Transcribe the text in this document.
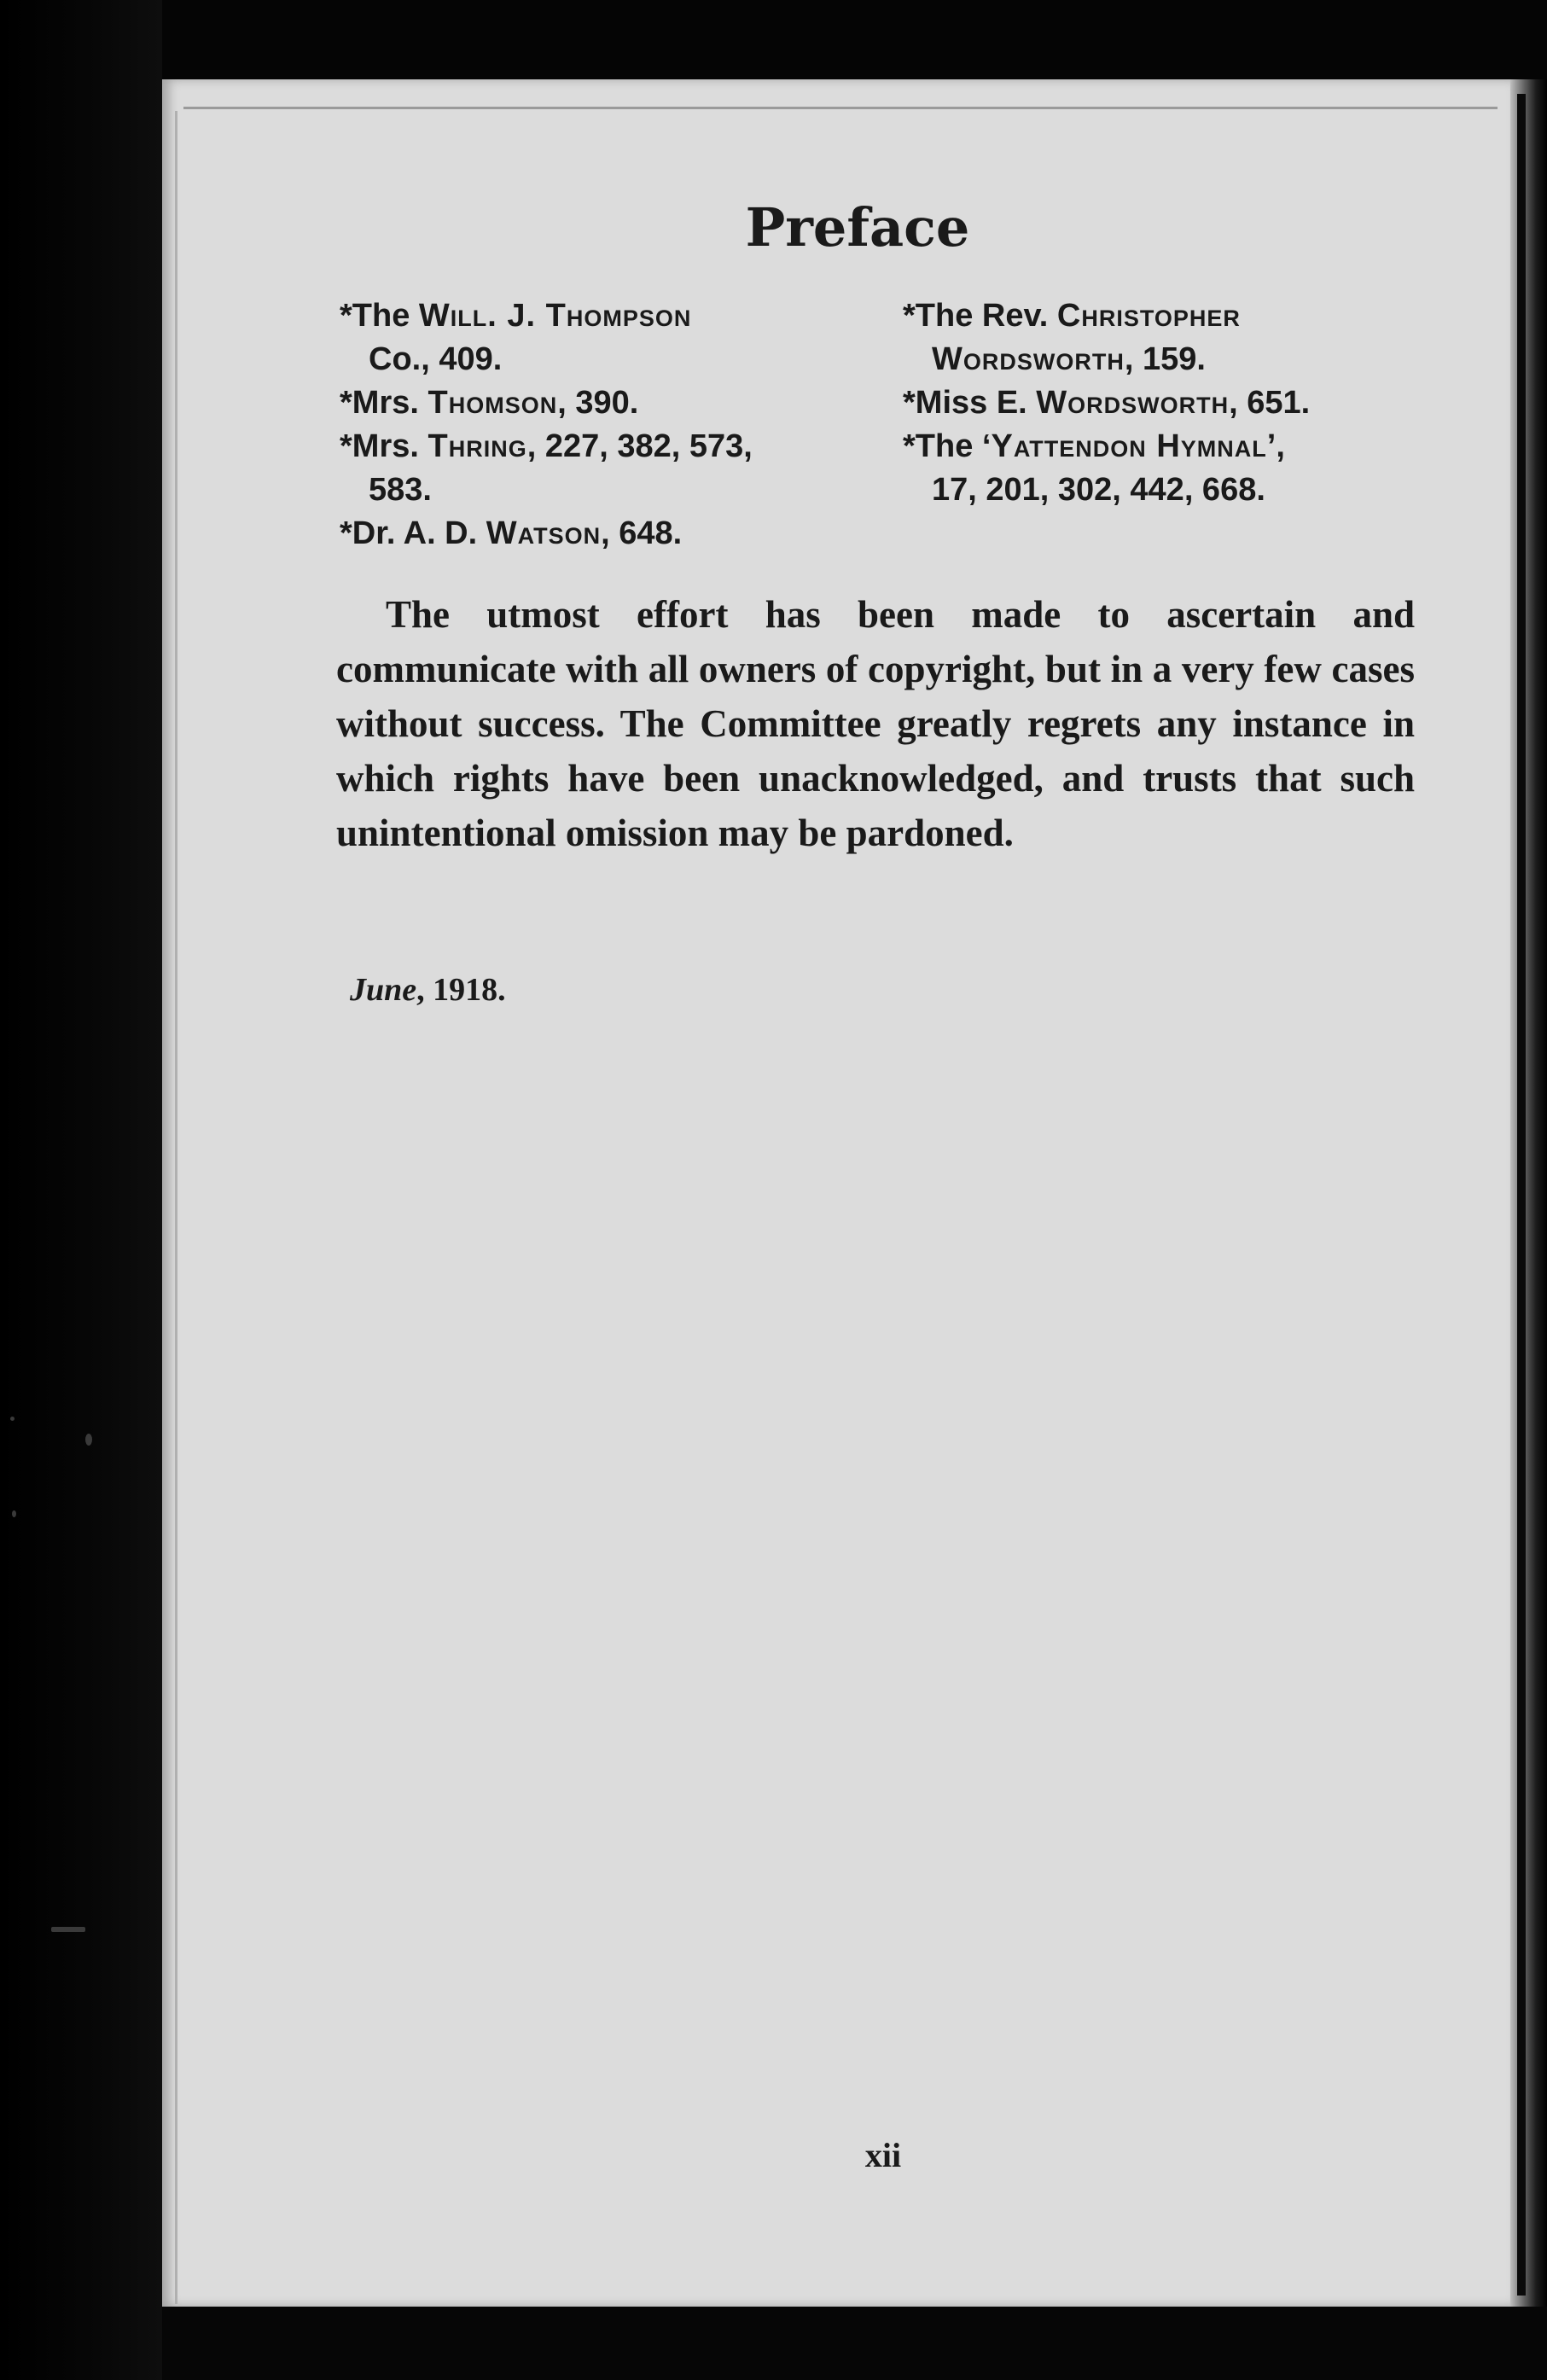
Preface

*The Will. J. Thompson
Co., 409.

*Mrs. Thomson, 390.

*Mrs. Thring, 227, 382, 573,
583.

*Dr. A. D. Watson, 648.

*The Rev. Christopher
Wordsworth, 159.

*Miss E. Wordsworth, 651.

*The ‘Yattendon Hymnal’,
17, 201, 302, 442, 668.

The utmost effort has been made to ascertain and communicate with all owners of copyright, but in a very few cases without success. The Committee greatly regrets any instance in which rights have been unacknowledged, and trusts that such unintentional omission may be pardoned.

June, 1918.
xii
